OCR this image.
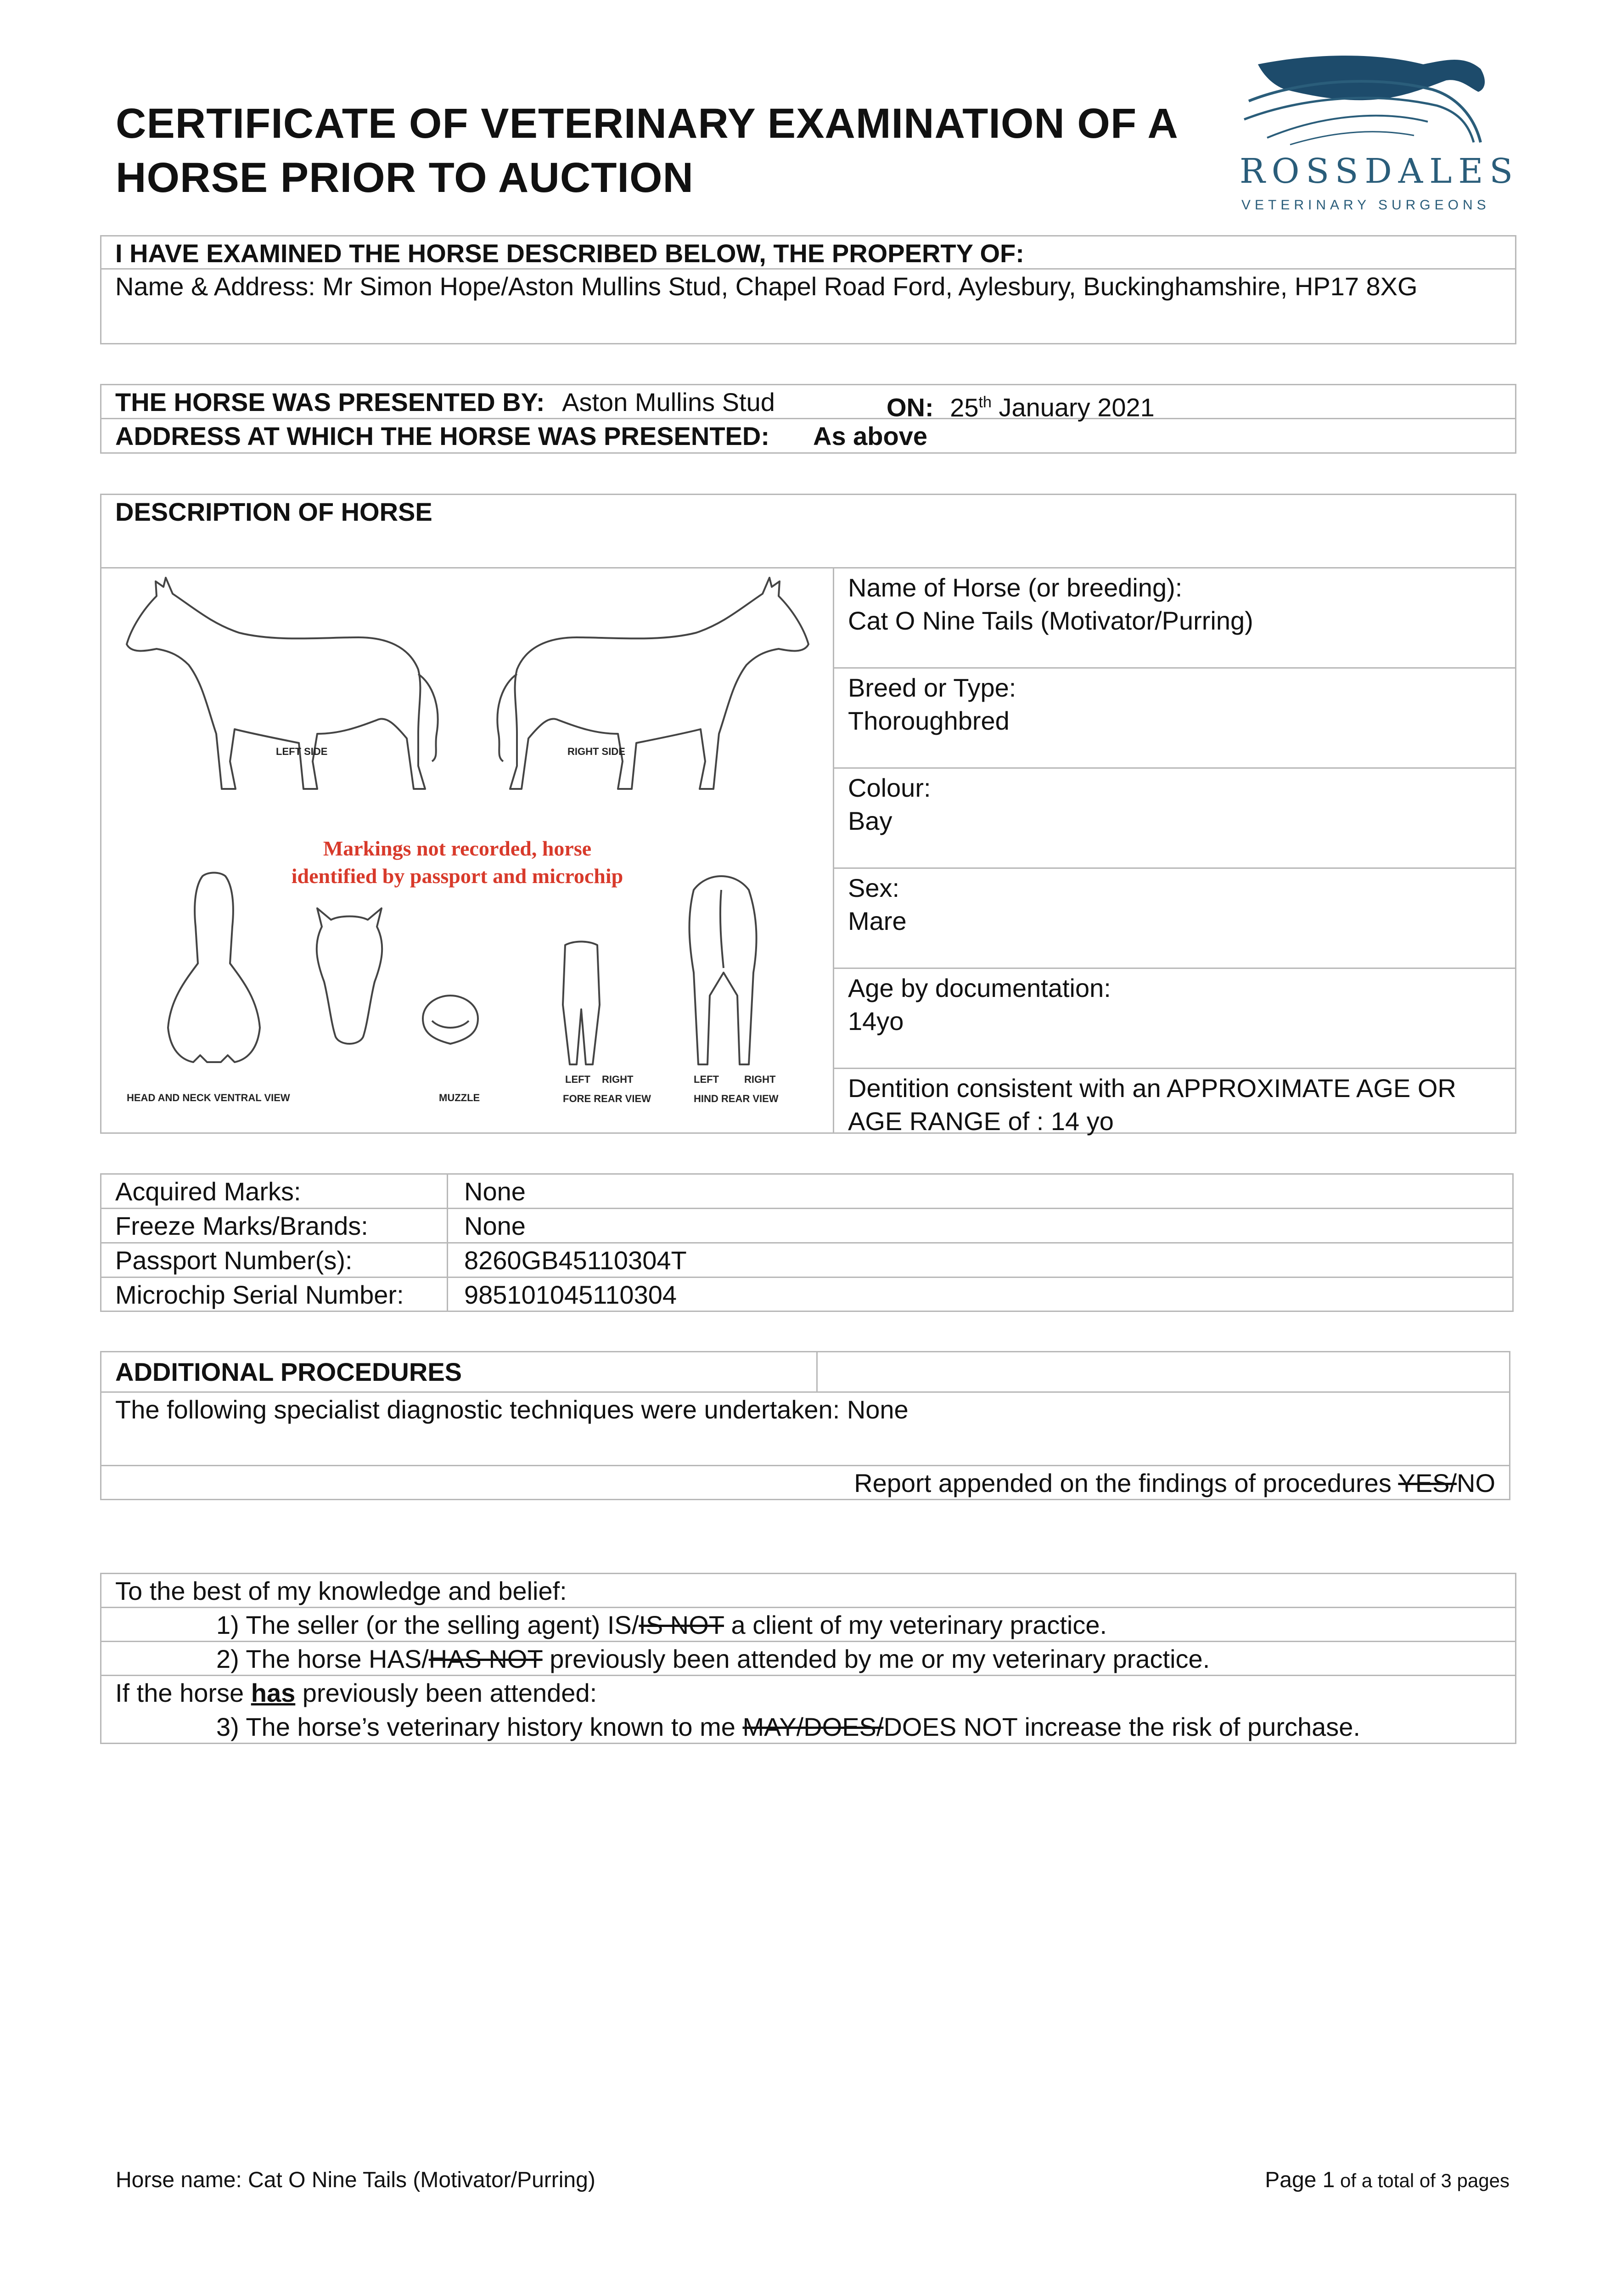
CERTIFICATE OF VETERINARY EXAMINATION OF A
HORSE PRIOR TO AUCTION	ROSSDALES
VETERINARY SURGEONS
I HAVE EXAMINED THE HORSE DESCRIBED BELOW, THE PROPERTY OF:
Name & Address: Mr Simon Hope/Aston Mullins Stud, Chapel Road Ford, Aylesbury, Buckinghamshire, HP17 8XG
THE HORSE WAS PRESENTED BY: Aston Mullins Stud	ON: 25th January 2021
ADDRESS AT WHICH THE HORSE WAS PRESENTED: As above
DESCRIPTION OF HORSE
LEFT SIDE	RIGHT SIDE
HEAD AND NECK VENTRAL VIEW	MUZZLE
LEFT RIGHT
FORE REAR VIEW
LEFT	RIGHT
HIND REAR VIEW
Markings not recorded, horse identified by passport and microchip
Name of Horse (or breeding):
Cat O Nine Tails (Motivator/Purring)
Breed or Type:
Thoroughbred
Colour:
Bay
Sex:
Mare
Age by documentation:
14yo
Dentition consistent with an APPROXIMATE AGE OR
AGE RANGE of : 14 yo
Acquired Marks:	None
Freeze Marks/Brands:	None
Passport Number(s):	8260GB45110304T
Microchip Serial Number: 985101045110304
ADDITIONAL PROCEDURES
The following specialist diagnostic techniques were undertaken: None
Report appended on the findings of procedures YES/NO
To the best of my knowledge and belief:
1) The seller (or the selling agent) IS/IS NOT a client of my veterinary practice.
2) The horse HAS/HAS NOT previously been attended by me or my veterinary practice.
If the horse has previously been attended:
3) The horse’s veterinary history known to me MAY/DOES/DOES NOT increase the risk of purchase.
Horse name: Cat O Nine Tails (Motivator/Purring)	Page 1 of a total of 3 pages
